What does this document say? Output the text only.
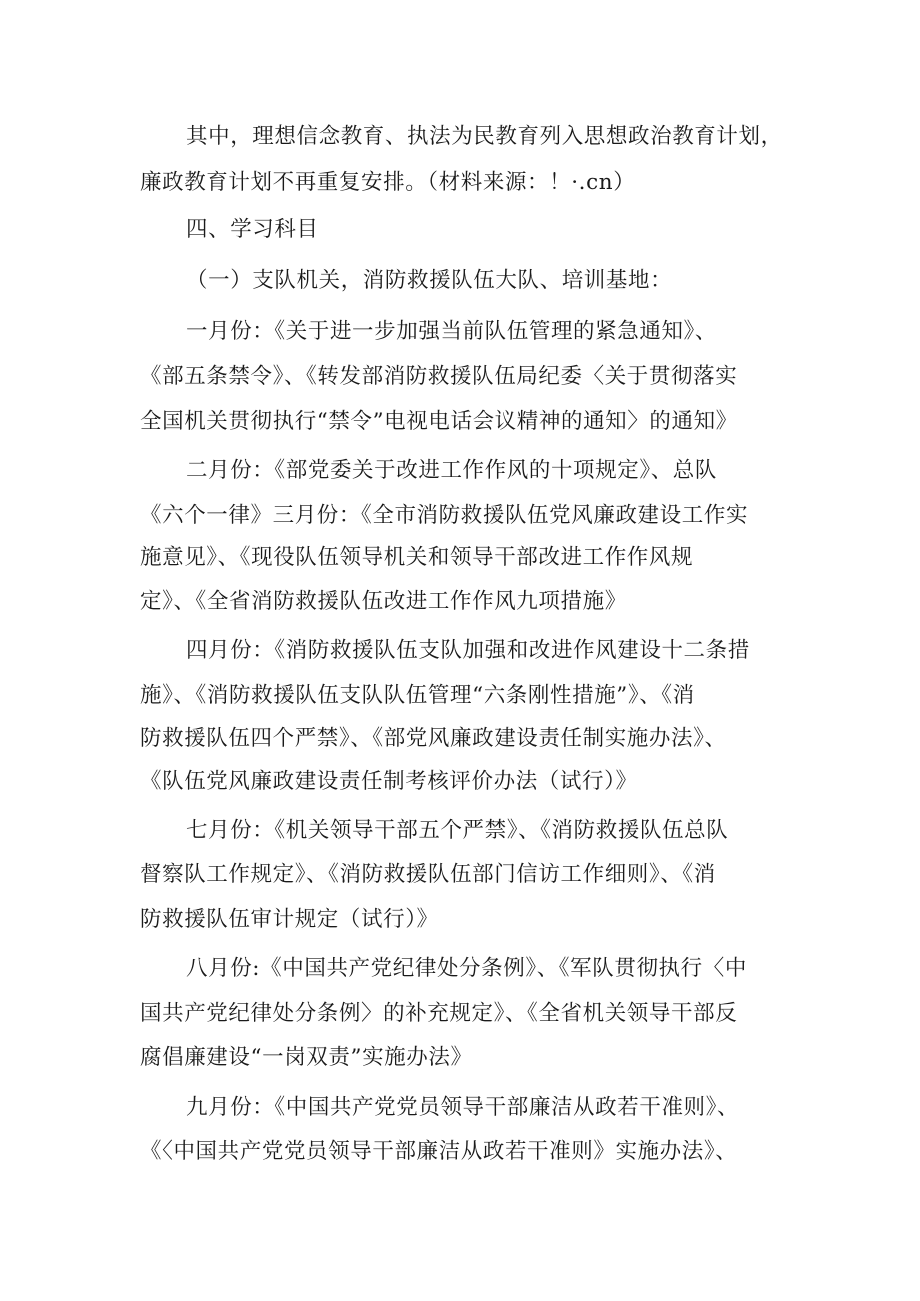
其中，理想信念教育、执法为民教育列入思想政治教育计划，
廉政教育计划不再重复安排。（材料来源：！·.cn）
四、学习科目
（一）支队机关，消防救援队伍大队、培训基地：
一月份：《关于进一步加强当前队伍管理的紧急通知》、
《部五条禁令》、《转发部消防救援队伍局纪委〈关于贯彻落实
全国机关贯彻执行“禁令”电视电话会议精神的通知〉的通知》
二月份：《部党委关于改进工作作风的十项规定》、总队
《六个一律》三月份：《全市消防救援队伍党风廉政建设工作实
施意见》、《现役队伍领导机关和领导干部改进工作作风规
定》、《全省消防救援队伍改进工作作风九项措施》
四月份：《消防救援队伍支队加强和改进作风建设十二条措
施》、《消防救援队伍支队队伍管理“六条刚性措施”》、《消
防救援队伍四个严禁》、《部党风廉政建设责任制实施办法》、
《队伍党风廉政建设责任制考核评价办法（试行）》
七月份：《机关领导干部五个严禁》、《消防救援队伍总队
督察队工作规定》、《消防救援队伍部门信访工作细则》、《消
防救援队伍审计规定（试行）》
八月份:《中国共产党纪律处分条例》、《军队贯彻执行〈中
国共产党纪律处分条例〉的补充规定》、《全省机关领导干部反
腐倡廉建设“一岗双责”实施办法》
九月份：《中国共产党党员领导干部廉洁从政若干准则》、
《〈中国共产党党员领导干部廉洁从政若干准则》实施办法》、
